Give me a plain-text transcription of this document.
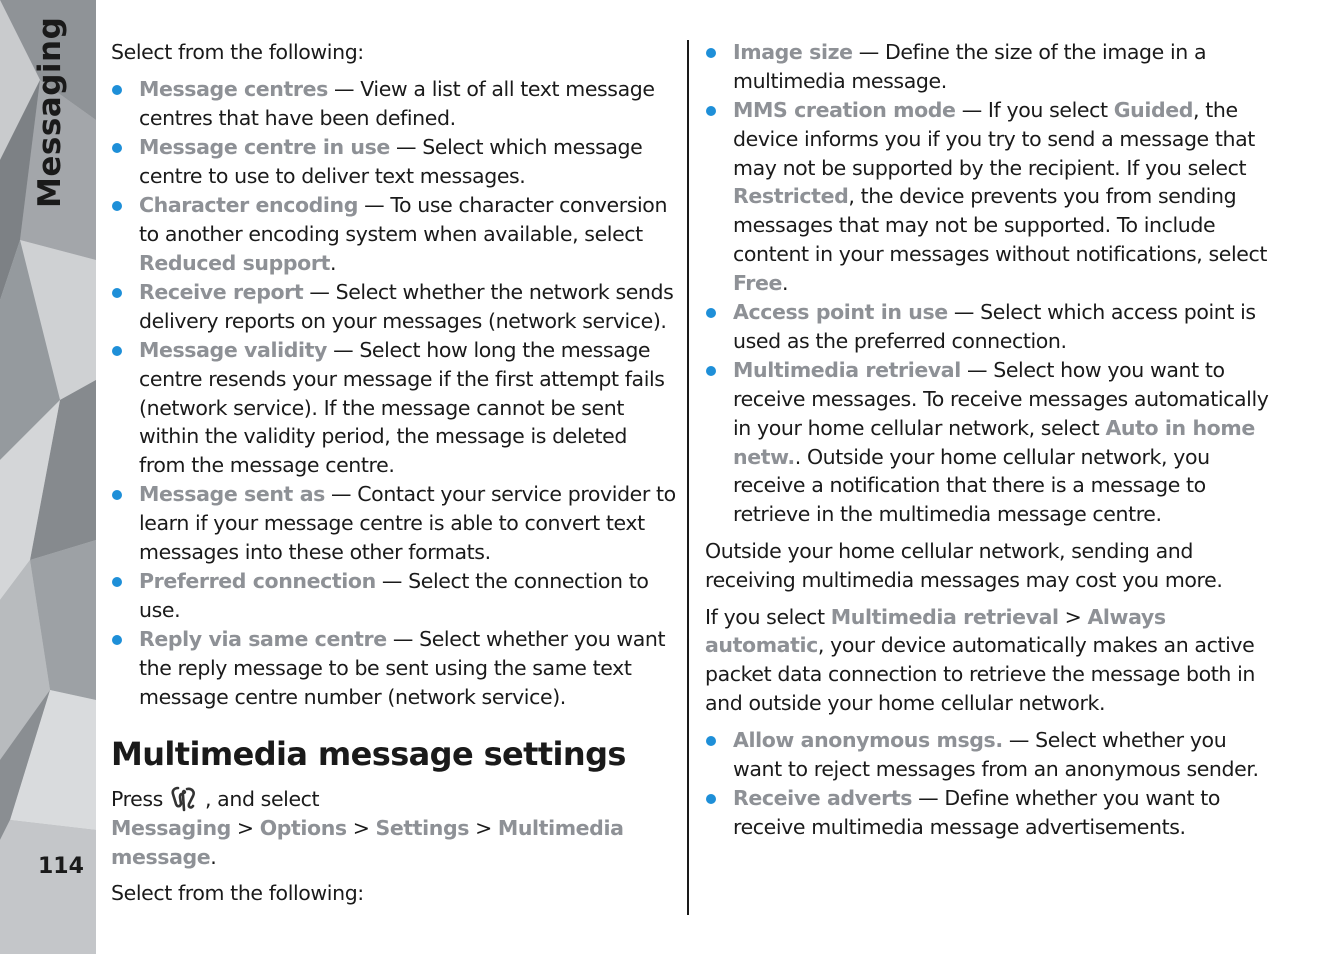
Messaging
114

Select from the following:

Message centres — View a list of all text message centres that have been defined.
Message centre in use — Select which message centre to use to deliver text messages.
Character encoding — To use character conversion to another encoding system when available, select Reduced support.
Receive report — Select whether the network sends delivery reports on your messages (network service).
Message validity — Select how long the message centre resends your message if the first attempt fails (network service). If the message cannot be sent within the validity period, the message is deleted from the message centre.
Message sent as — Contact your service provider to learn if your message centre is able to convert text messages into these other formats.
Preferred connection — Select the connection to use.
Reply via same centre — Select whether you want the reply message to be sent using the same text message centre number (network service).
Multimedia message settings

Press , and select Messaging > Options > Settings > Multimedia message.

Select from the following:

Image size — Define the size of the image in a multimedia message.
MMS creation mode — If you select Guided, the device informs you if you try to send a message that may not be supported by the recipient. If you select Restricted, the device prevents you from sending messages that may not be supported. To include content in your messages without notifications, select Free.
Access point in use — Select which access point is used as the preferred connection.
Multimedia retrieval — Select how you want to receive messages. To receive messages automatically in your home cellular network, select Auto in home netw.. Outside your home cellular network, you receive a notification that there is a message to retrieve in the multimedia message centre.

Outside your home cellular network, sending and receiving multimedia messages may cost you more.

If you select Multimedia retrieval > Always automatic, your device automatically makes an active packet data connection to retrieve the message both in and outside your home cellular network.

Allow anonymous msgs. — Select whether you want to reject messages from an anonymous sender.
Receive adverts — Define whether you want to receive multimedia message advertisements.
